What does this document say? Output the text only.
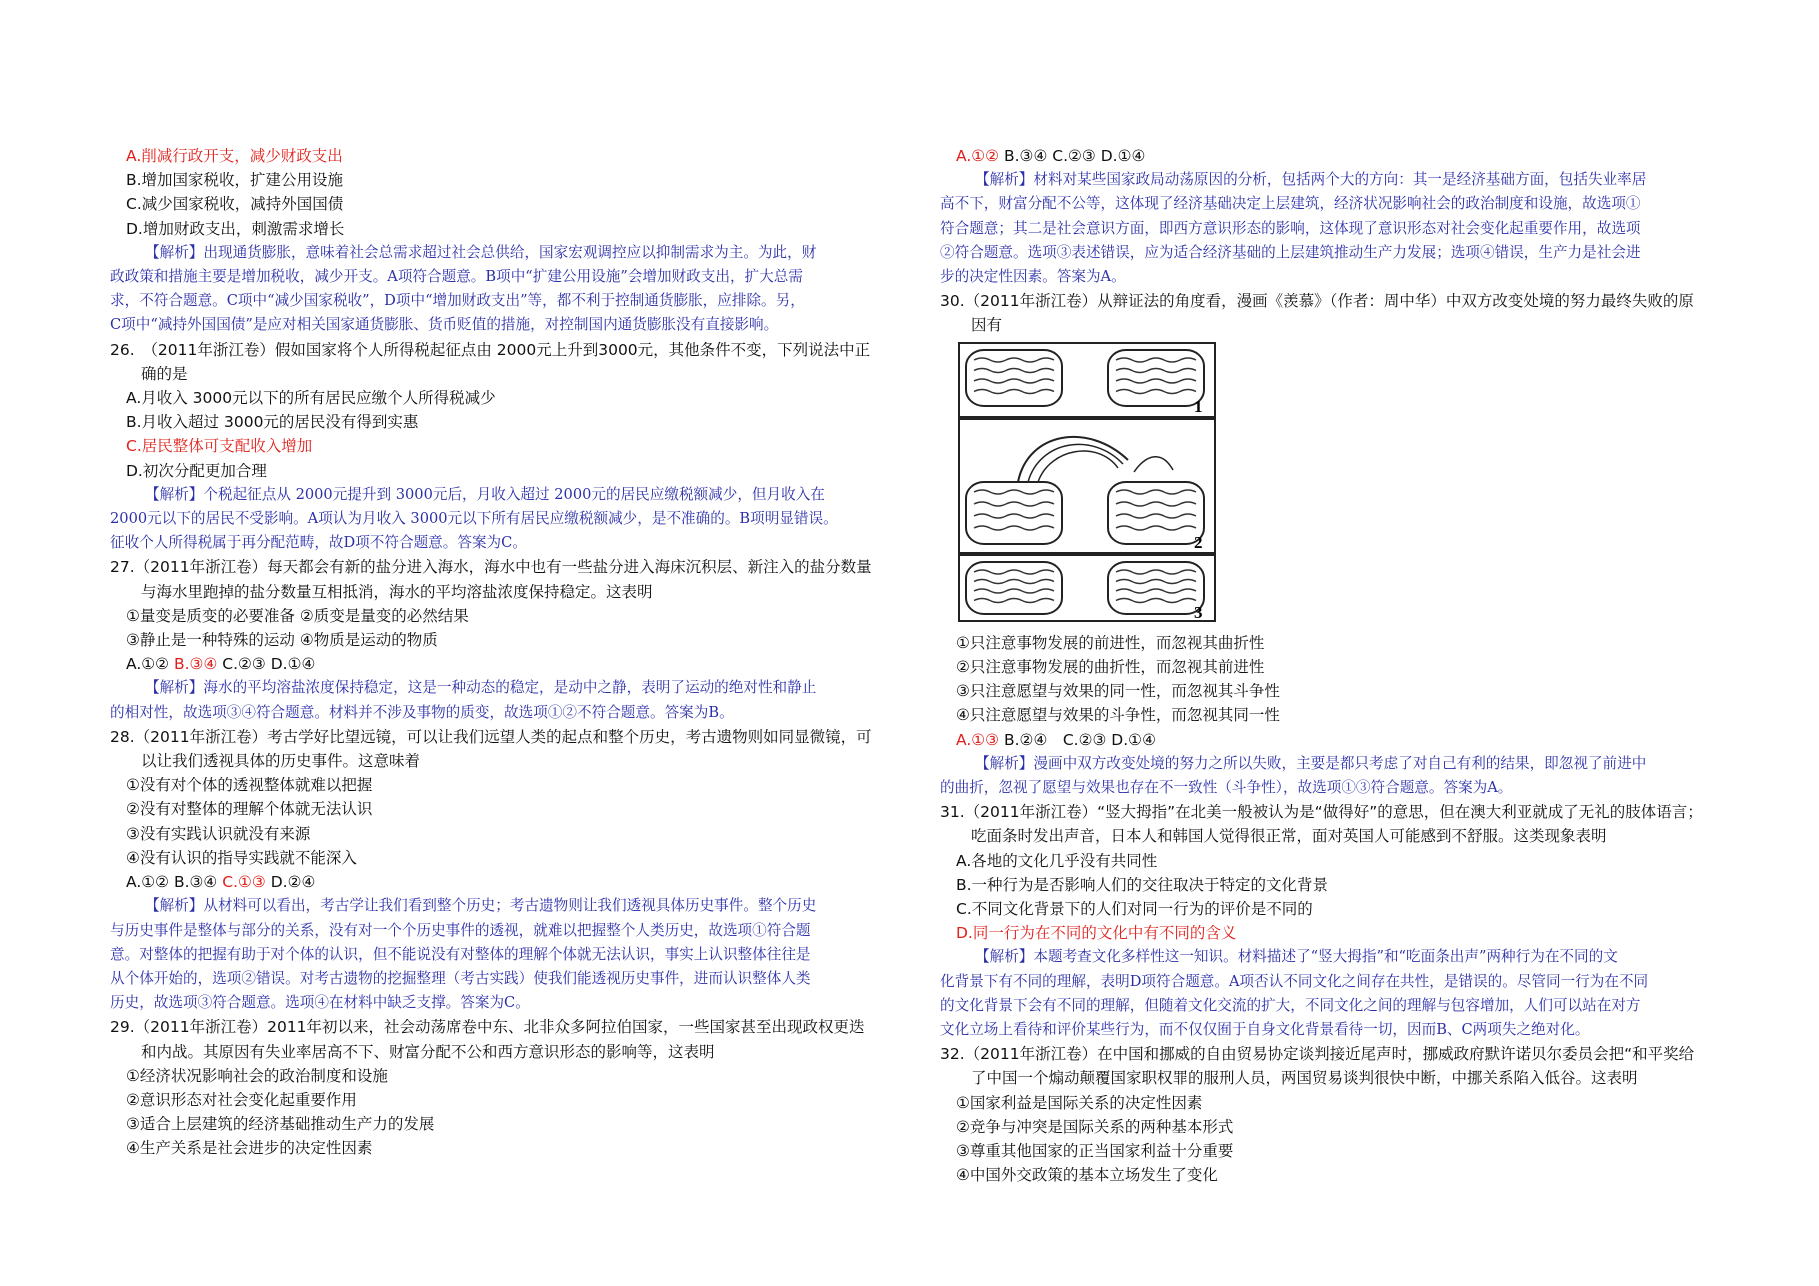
A.削减行政开支，减少财政支出
B.增加国家税收，扩建公用设施
C.减少国家税收，减持外国国债
D.增加财政支出，刺激需求增长
【解析】出现通货膨胀，意味着社会总需求超过社会总供给，国家宏观调控应以抑制需求为主。为此，财
政政策和措施主要是增加税收，减少开支。A项符合题意。B项中“扩建公用设施”会增加财政支出，扩大总需
求，不符合题意。C项中“减少国家税收”，D项中“增加财政支出”等，都不利于控制通货膨胀，应排除。另，
C项中“减持外国国债”是应对相关国家通货膨胀、货币贬值的措施，对控制国内通货膨胀没有直接影响。
26.　（2011年浙江卷）假如国家将个人所得税起征点由 2000元上升到3000元，其他条件不变，下列说法中正
　　确的是
A.月收入 3000元以下的所有居民应缴个人所得税减少
B.月收入超过 3000元的居民没有得到实惠
C.居民整体可支配收入增加
D.初次分配更加合理
【解析】个税起征点从 2000元提升到 3000元后，月收入超过 2000元的居民应缴税额减少，但月收入在
2000元以下的居民不受影响。A项认为月收入 3000元以下所有居民应缴税额减少，是不准确的。B项明显错误。
征收个人所得税属于再分配范畴，故D项不符合题意。答案为C。
27.（2011年浙江卷）每天都会有新的盐分进入海水，海水中也有一些盐分进入海床沉积层、新注入的盐分数量
　　与海水里跑掉的盐分数量互相抵消，海水的平均溶盐浓度保持稳定。这表明
①量变是质变的必要准备 ②质变是量变的必然结果
③静止是一种特殊的运动 ④物质是运动的物质
A.①② B.③④ C.②③ D.①④
【解析】海水的平均溶盐浓度保持稳定，这是一种动态的稳定，是动中之静，表明了运动的绝对性和静止
的相对性，故选项③④符合题意。材料并不涉及事物的质变，故选项①②不符合题意。答案为B。
28.（2011年浙江卷）考古学好比望远镜，可以让我们远望人类的起点和整个历史，考古遗物则如同显微镜，可
　　以让我们透视具体的历史事件。这意味着
①没有对个体的透视整体就难以把握
②没有对整体的理解个体就无法认识
③没有实践认识就没有来源
④没有认识的指导实践就不能深入
A.①② B.③④ C.①③ D.②④
【解析】从材料可以看出，考古学让我们看到整个历史；考古遗物则让我们透视具体历史事件。整个历史
与历史事件是整体与部分的关系，没有对一个个历史事件的透视，就难以把握整个人类历史，故选项①符合题
意。对整体的把握有助于对个体的认识，但不能说没有对整体的理解个体就无法认识，事实上认识整体往往是
从个体开始的，选项②错误。对考古遗物的挖掘整理（考古实践）使我们能透视历史事件，进而认识整体人类
历史，故选项③符合题意。选项④在材料中缺乏支撑。答案为C。
29.（2011年浙江卷）2011年初以来，社会动荡席卷中东、北非众多阿拉伯国家，一些国家甚至出现政权更迭
　　和内战。其原因有失业率居高不下、财富分配不公和西方意识形态的影响等，这表明
①经济状况影响社会的政治制度和设施
②意识形态对社会变化起重要作用
③适合上层建筑的经济基础推动生产力的发展
④生产关系是社会进步的决定性因素
A.①② B.③④ C.②③ D.①④
【解析】材料对某些国家政局动荡原因的分析，包括两个大的方向：其一是经济基础方面，包括失业率居
高不下，财富分配不公等，这体现了经济基础决定上层建筑，经济状况影响社会的政治制度和设施，故选项①
符合题意；其二是社会意识方面，即西方意识形态的影响，这体现了意识形态对社会变化起重要作用，故选项
②符合题意。选项③表述错误，应为适合经济基础的上层建筑推动生产力发展；选项④错误，生产力是社会进
步的决定性因素。答案为A。
30.（2011年浙江卷）从辩证法的角度看，漫画《羡慕》（作者：周中华）中双方改变处境的努力最终失败的原
　　因有
1
2
3
①只注意事物发展的前进性，而忽视其曲折性
②只注意事物发展的曲折性，而忽视其前进性
③只注意愿望与效果的同一性，而忽视其斗争性
④只注意愿望与效果的斗争性，而忽视其同一性
A.①③ B.②④　C.②③ D.①④
【解析】漫画中双方改变处境的努力之所以失败，主要是都只考虑了对自己有利的结果，即忽视了前进中
的曲折，忽视了愿望与效果也存在不一致性（斗争性），故选项①③符合题意。答案为A。
31.（2011年浙江卷）“竖大拇指”在北美一般被认为是“做得好”的意思，但在澳大利亚就成了无礼的肢体语言；
　　吃面条时发出声音，日本人和韩国人觉得很正常，面对英国人可能感到不舒服。这类现象表明
A.各地的文化几乎没有共同性
B.一种行为是否影响人们的交往取决于特定的文化背景
C.不同文化背景下的人们对同一行为的评价是不同的
D.同一行为在不同的文化中有不同的含义
【解析】本题考查文化多样性这一知识。材料描述了“竖大拇指”和“吃面条出声”两种行为在不同的文
化背景下有不同的理解，表明D项符合题意。A项否认不同文化之间存在共性，是错误的。尽管同一行为在不同
的文化背景下会有不同的理解，但随着文化交流的扩大，不同文化之间的理解与包容增加，人们可以站在对方
文化立场上看待和评价某些行为，而不仅仅囿于自身文化背景看待一切，因而B、C两项失之绝对化。
32.（2011年浙江卷）在中国和挪威的自由贸易协定谈判接近尾声时，挪威政府默许诺贝尔委员会把“和平奖给
　　了中国一个煽动颠覆国家职权罪的服刑人员，两国贸易谈判很快中断，中挪关系陷入低谷。这表明
①国家利益是国际关系的决定性因素
②竞争与冲突是国际关系的两种基本形式
③尊重其他国家的正当国家利益十分重要
④中国外交政策的基本立场发生了变化
